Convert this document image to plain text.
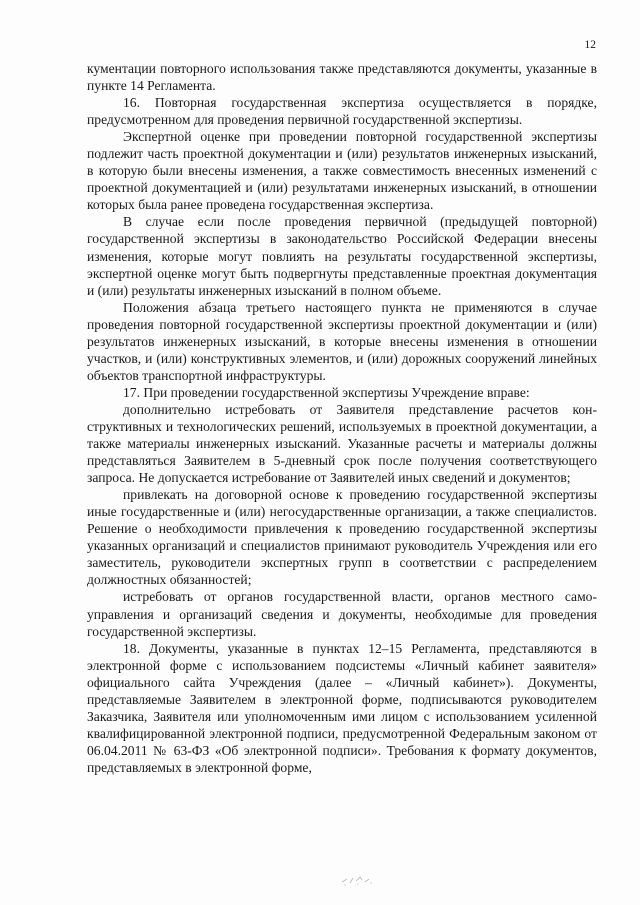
12

кументации повторного использования также представляются документы, указанные в пункте 14 Регламента.

16. Повторная государственная экспертиза осуществляется в порядке, предусмотренном для проведения первичной государственной экспертизы.

Экспертной оценке при проведении повторной государственной экспертизы подлежит часть проектной документации и (или) результатов инженерных изысканий, в которую были внесены изменения, а также совместимость внесенных изменений с проектной документацией и (или) результатами инженерных изысканий, в отношении которых была ранее проведена государственная экспертиза.

В случае если после проведения первичной (предыдущей повторной) государственной экспертизы в законодательство Российской Федерации внесены изменения, которые могут повлиять на результаты государственной экспертизы, экспертной оценке могут быть подвергнуты представленные проектная документация и (или) результаты инженерных изысканий в полном объеме.

Положения абзаца третьего настоящего пункта не применяются в случае проведения повторной государственной экспертизы проектной документации и (или) результатов инженерных изысканий, в которые внесены изменения в отношении участков, и (или) конструктивных элементов, и (или) дорожных сооружений линейных объектов транспортной инфраструктуры.

17. При проведении государственной экспертизы Учреждение вправе:

дополнительно истребовать от Заявителя представление расчетов конструктивных и технологических решений, используемых в проектной документации, а также материалы инженерных изысканий. Указанные расчеты и материалы должны представляться Заявителем в 5-дневный срок после получения соответствующего запроса. Не допускается истребование от Заявителей иных сведений и документов;

привлекать на договорной основе к проведению государственной экспертизы иные государственные и (или) негосударственные организации, а также специалистов. Решение о необходимости привлечения к проведению государственной экспертизы указанных организаций и специалистов принимают руководитель Учреждения или его заместитель, руководители экспертных групп в соответствии с распределением должностных обязанностей;

истребовать от органов государственной власти, органов местного самоуправления и организаций сведения и документы, необходимые для проведения государственной экспертизы.

18. Документы, указанные в пунктах 12–15 Регламента, представляются в электронной форме с использованием подсистемы «Личный кабинет заявителя» официального сайта Учреждения (далее – «Личный кабинет»). Документы, представляемые Заявителем в электронной форме, подписываются руководителем Заказчика, Заявителя или уполномоченным ими лицом с использованием усиленной квалифицированной электронной подписи, предусмотренной Федеральным законом от 06.04.2011 № 63-ФЗ «Об электронной подписи». Требования к формату документов, представляемых в электронной форме,
